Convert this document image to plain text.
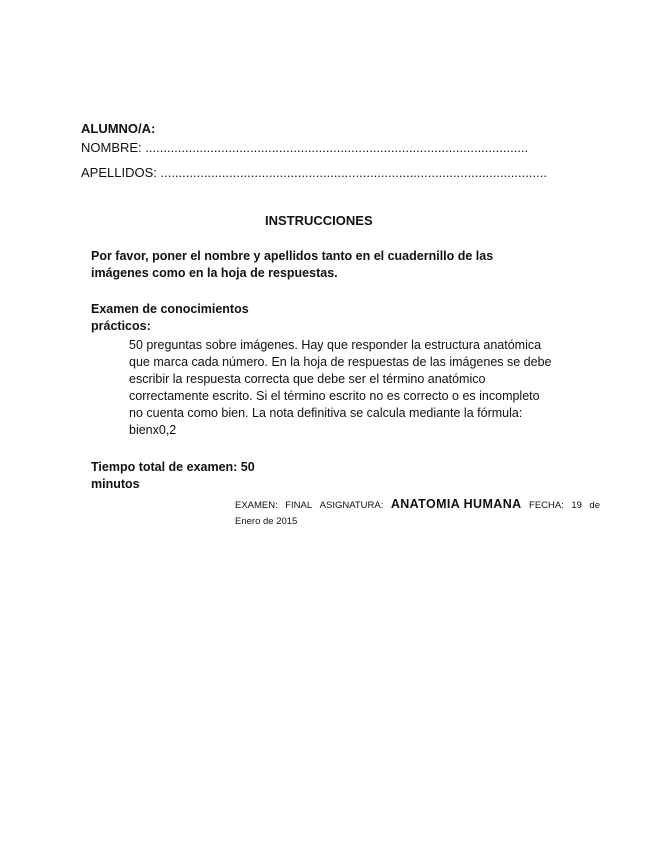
ALUMNO/A:
NOMBRE: ..........................................................................................................
APELLIDOS: ...........................................................................................................
INSTRUCCIONES
Por favor, poner el nombre y apellidos tanto en el cuadernillo de las
imágenes como en la hoja de respuestas.
Examen de conocimientos
prácticos:
50 preguntas sobre imágenes. Hay que responder la estructura anatómica
que marca cada número. En la hoja de respuestas de las imágenes se debe
escribir la respuesta correcta que debe ser el término anatómico
correctamente escrito. Si el término escrito no es correcto o es incompleto
no cuenta como bien. La nota definitiva se calcula mediante la fórmula:
bienx0,2
Tiempo total de examen: 50
minutos
EXAMEN: FINAL ASIGNATURA: ANATOMIA HUMANA FECHA: 19 de
Enero de 2015
